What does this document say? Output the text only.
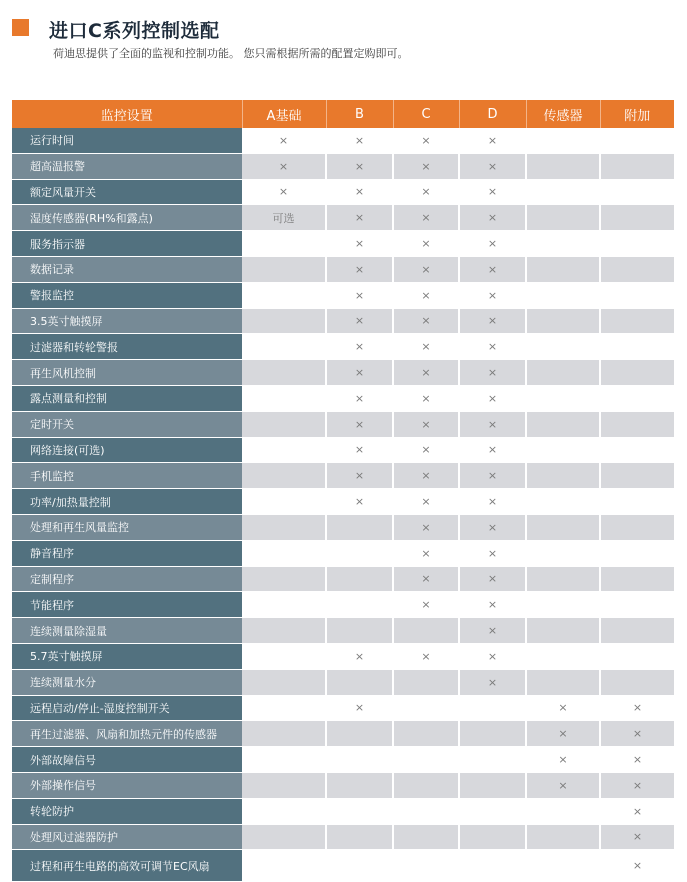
进口C系列控制选配
荷迪思提供了全面的监视和控制功能。 您只需根据所需的配置定购即可。
监控设置	A基础	B	C	D	传感器	附加
运行时间	×	×	×	×		
超高温报警	×	×	×	×		
额定风量开关	×	×	×	×		
湿度传感器(RH%和露点)	可选	×	×	×		
服务指示器		×	×	×		
数据记录		×	×	×		
警报监控		×	×	×		
3.5英寸触摸屏		×	×	×		
过滤器和转轮警报		×	×	×		
再生风机控制		×	×	×		
露点测量和控制		×	×	×		
定时开关		×	×	×		
网络连接(可选)		×	×	×		
手机监控		×	×	×		
功率/加热量控制		×	×	×		
处理和再生风量监控			×	×		
静音程序			×	×		
定制程序			×	×		
节能程序			×	×		
连续测量除湿量				×		
5.7英寸触摸屏		×	×	×		
连续测量水分				×		
远程启动/停止-湿度控制开关		×			×	×
再生过滤器、风扇和加热元件的传感器					×	×
外部故障信号					×	×
外部操作信号					×	×
转轮防护						×
处理风过滤器防护						×
过程和再生电路的高效可调节EC风扇						×
